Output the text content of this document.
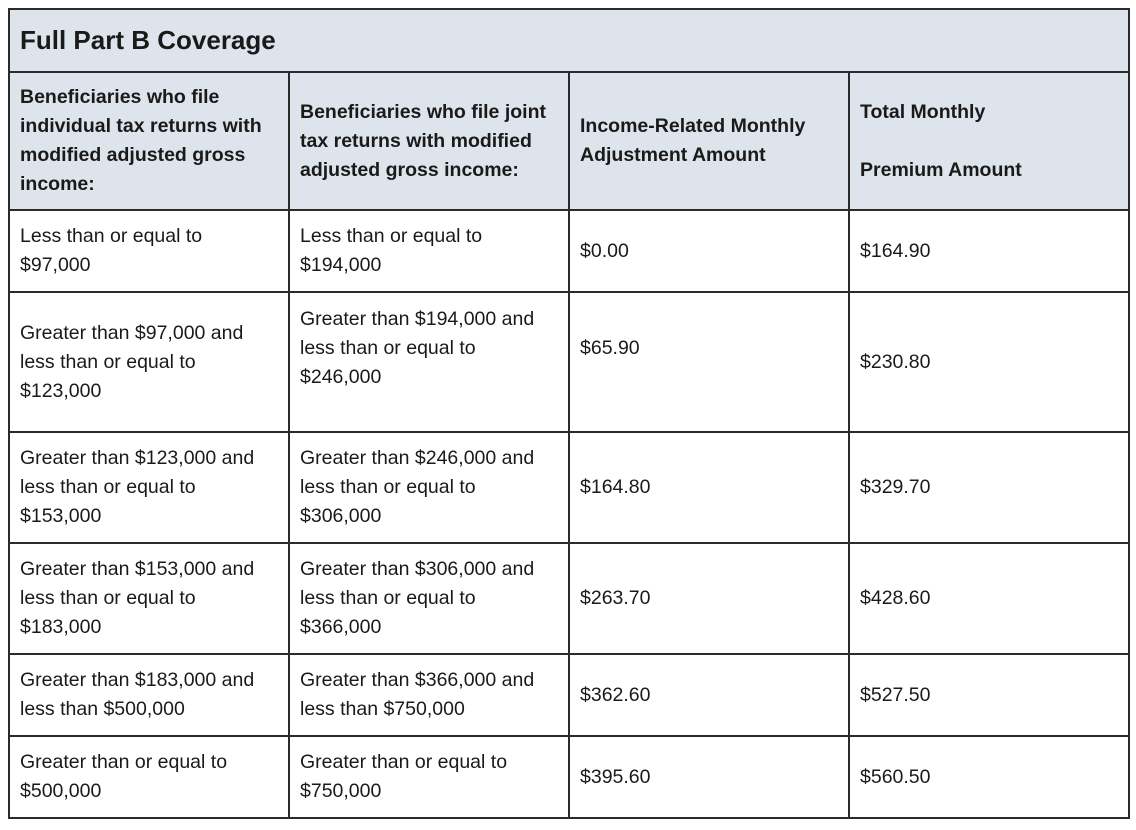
Full Part B Coverage			
Beneficiaries who file individual tax returns with modified adjusted gross income:	Beneficiaries who file joint tax returns with modified adjusted gross income:	Income-Related Monthly Adjustment Amount	Total Monthly
Premium Amount

Less than or equal to $97,000	Less than or equal to $194,000	$0.00	$164.90
Greater than $97,000 and less than or equal to $123,000	Greater than $194,000 and less than or equal to $246,000	$65.90	$230.80
Greater than $123,000 and less than or equal to $153,000	Greater than $246,000 and less than or equal to $306,000	$164.80	$329.70
Greater than $153,000 and less than or equal to $183,000	Greater than $306,000 and less than or equal to $366,000	$263.70	$428.60
Greater than $183,000 and less than $500,000	Greater than $366,000 and less than $750,000	$362.60	$527.50
Greater than or equal to $500,000	Greater than or equal to $750,000	$395.60	$560.50
